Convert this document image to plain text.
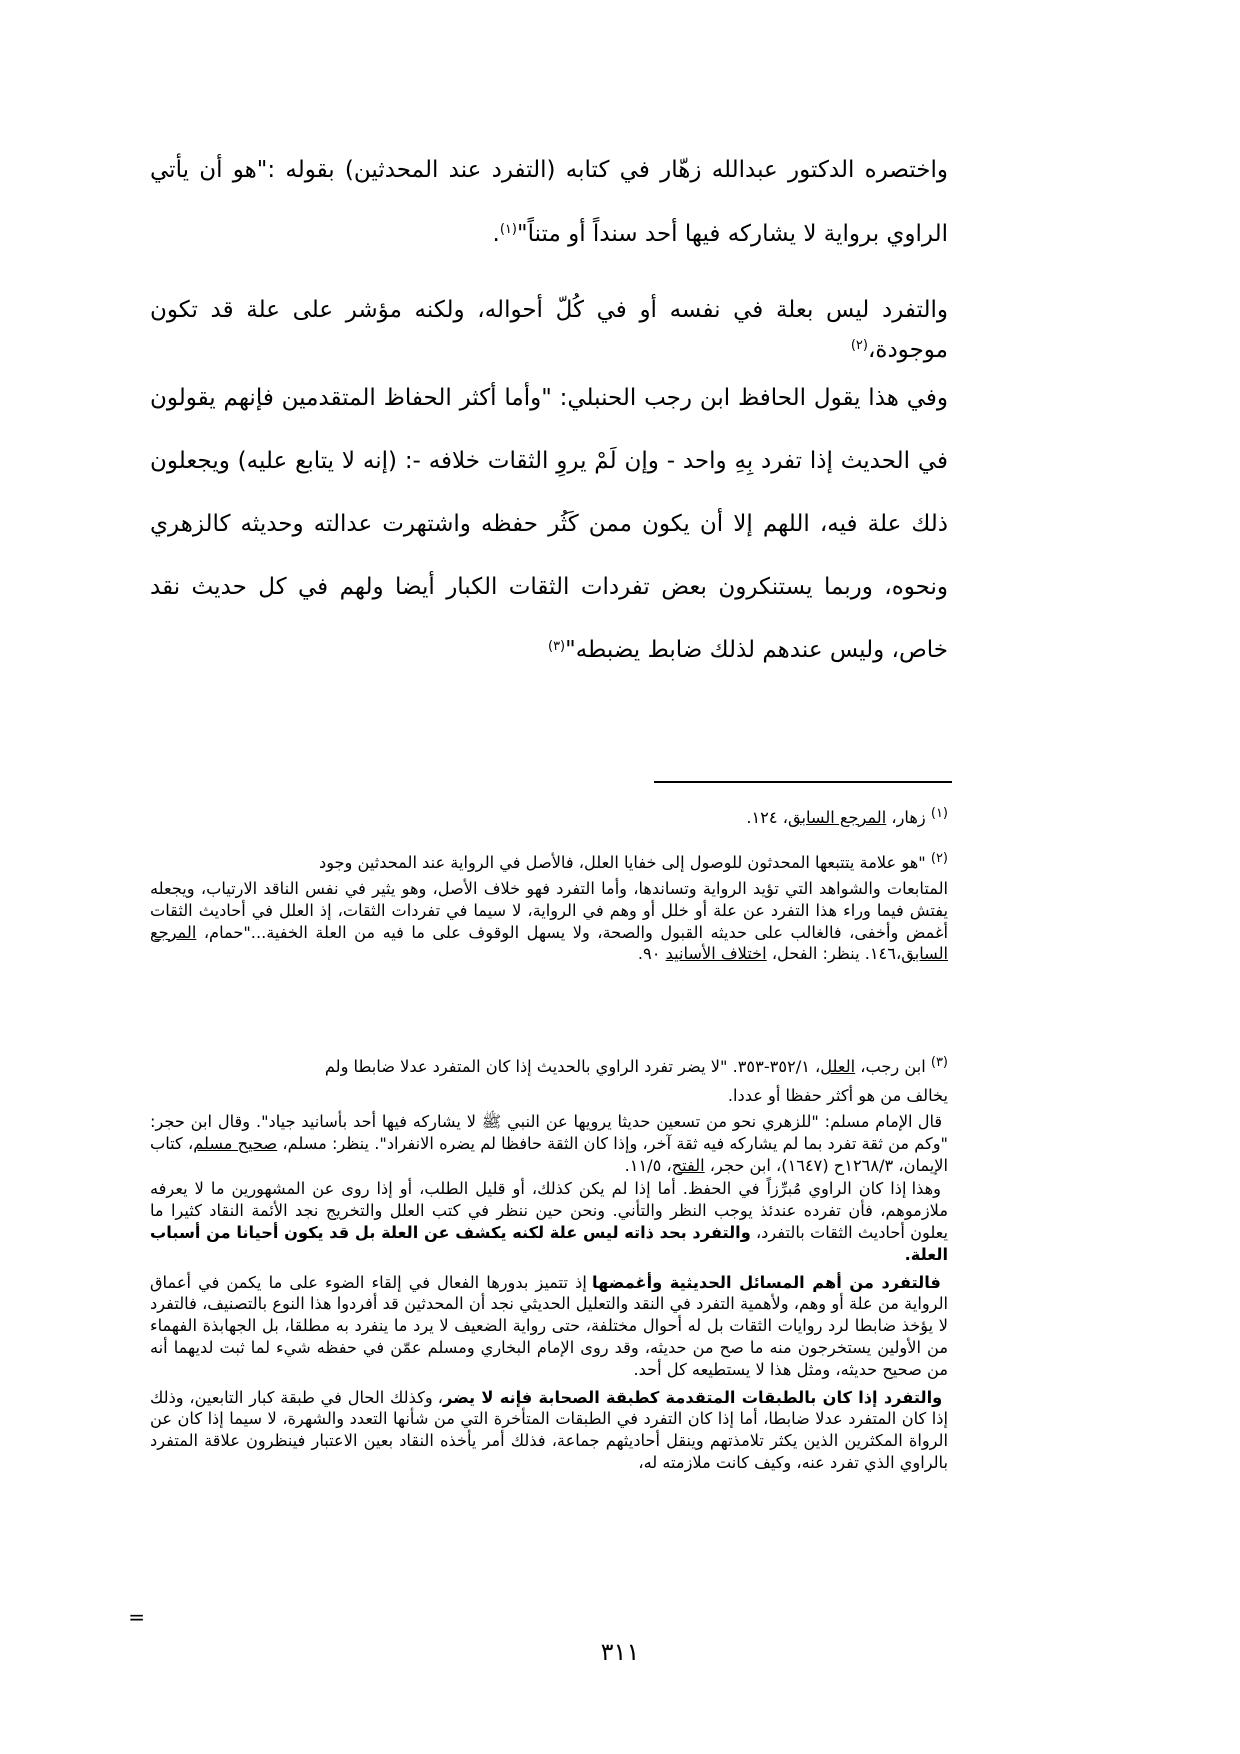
واختصره الدكتور عبدالله زهّار في كتابه (التفرد عند المحدثين) بقوله :"هو أن يأتي الراوي برواية لا يشاركه فيها أحد سنداً أو متناً"$^{(١)}$.
والتفرد ليس بعلة في نفسه أو في كُلّ أحواله، ولكنه مؤشر على علة قد تكون موجودة،$^{(٢)}$
وفي هذا يقول الحافظ ابن رجب الحنبلي: "وأما أكثر الحفاظ المتقدمين فإنهم يقولون في الحديث إذا تفرد بِهِ واحد - وإن لَمْ يروِ الثقات خلافه -: (إنه لا يتابع عليه) ويجعلون ذلك علة فيه، اللهم إلا أن يكون ممن كَثُر حفظه واشتهرت عدالته وحديثه كالزهري ونحوه، وربما يستنكرون بعض تفردات الثقات الكبار أيضا ولهم في كل حديث نقد خاص، وليس عندهم لذلك ضابط يضبطه"$^{(٣)}$
$^{(١)}$ زهار، المرجع السابق، ١٢٤.
$^{(٢)}$ "هو علامة يتتبعها المحدثون للوصول إلى خفايا العلل، فالأصل في الرواية عند المحدثين وجود
المتابعات والشواهد التي تؤيد الرواية وتساندها، وأما التفرد فهو خلاف الأصل، وهو يثير في نفس الناقد الارتياب، ويجعله يفتش فيما وراء هذا التفرد عن علة أو خلل أو وهم في الرواية، لا سيما في تفردات الثقات، إذ العلل في أحاديث الثقات أغمض وأخفى، فالغالب على حديثه القبول والصحة، ولا يسهل الوقوف على ما فيه من العلة الخفية..."حمام، المرجع السابق،١٤٦. ينظر: الفحل، اختلاف الأسانيد ٩٠.
$^{(٣)}$ ابن رجب، العلل، ٣٥٢/١-٣٥٣. "لا يضر تفرد الراوي بالحديث إذا كان المتفرد عدلا ضابطا ولم
يخالف من هو أكثر حفظا أو عددا.
قال الإمام مسلم: "للزهري نحو من تسعين حديثا يرويها عن النبي ﷺ لا يشاركه فيها أحد بأسانيد جياد". وقال ابن حجر: "وكم من ثقة تفرد بما لم يشاركه فيه ثقة آخر، وإذا كان الثقة حافظا لم يضره الانفراد". ينظر: مسلم، صحيح مسلم، كتاب الإيمان، ١٢٦٨/٣ح (١٦٤٧)، ابن حجر، الفتح، ١١/٥.
وهذا إذا كان الراوي مُبرِّزاً في الحفظ. أما إذا لم يكن كذلك، أو قليل الطلب، أو إذا روى عن المشهورين ما لا يعرفه ملازموهم، فأن تفرده عندئذ يوجب النظر والتأني. ونحن حين ننظر في كتب العلل والتخريج نجد الأئمة النقاد كثيرا ما يعلون أحاديث الثقات بالتفرد، والتفرد بحد ذاته ليس علة لكنه يكشف عن العلة بل قد يكون أحيانا من أسباب العلة.
فالتفرد من أهم المسائل الحديثية وأغمضها إذ تتميز بدورها الفعال في إلقاء الضوء على ما يكمن في أعماق الرواية من علة أو وهم، ولأهمية التفرد في النقد والتعليل الحديثي نجد أن المحدثين قد أفردوا هذا النوع بالتصنيف، فالتفرد لا يؤخذ ضابطا لرد روايات الثقات بل له أحوال مختلفة، حتى رواية الضعيف لا يرد ما ينفرد به مطلقا، بل الجهابذة الفهماء من الأولين يستخرجون منه ما صح من حديثه، وقد روى الإمام البخاري ومسلم عمّن في حفظه شيء لما ثبت لديهما أنه من صحيح حديثه، ومثل هذا لا يستطيعه كل أحد.
والتفرد إذا كان بالطبقات المتقدمة كطبقة الصحابة فإنه لا يضر، وكذلك الحال في طبقة كبار التابعين، وذلك إذا كان المتفرد عدلا ضابطا، أما إذا كان التفرد في الطبقات المتأخرة التي من شأنها التعدد والشهرة، لا سيما إذا كان عن الرواة المكثرين الذين يكثر تلامذتهم وينقل أحاديثهم جماعة، فذلك أمر يأخذه النقاد بعين الاعتبار فينظرون علاقة المتفرد بالراوي الذي تفرد عنه، وكيف كانت ملازمته له،
=
٣١١
